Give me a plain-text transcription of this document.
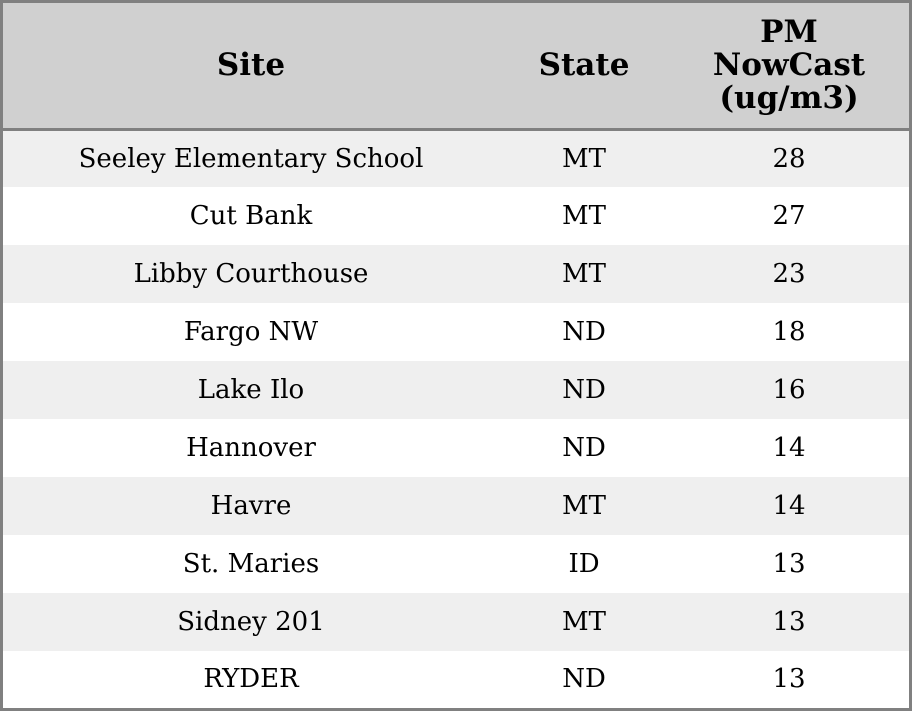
Site	State	PM
NowCast
(ug/m3)

Seeley Elementary School	MT	28
Cut Bank	MT	27
Libby Courthouse	MT	23
Fargo NW	ND	18
Lake Ilo	ND	16
Hannover	ND	14
Havre	MT	14
St. Maries	ID	13
Sidney 201	MT	13
RYDER	ND	13
